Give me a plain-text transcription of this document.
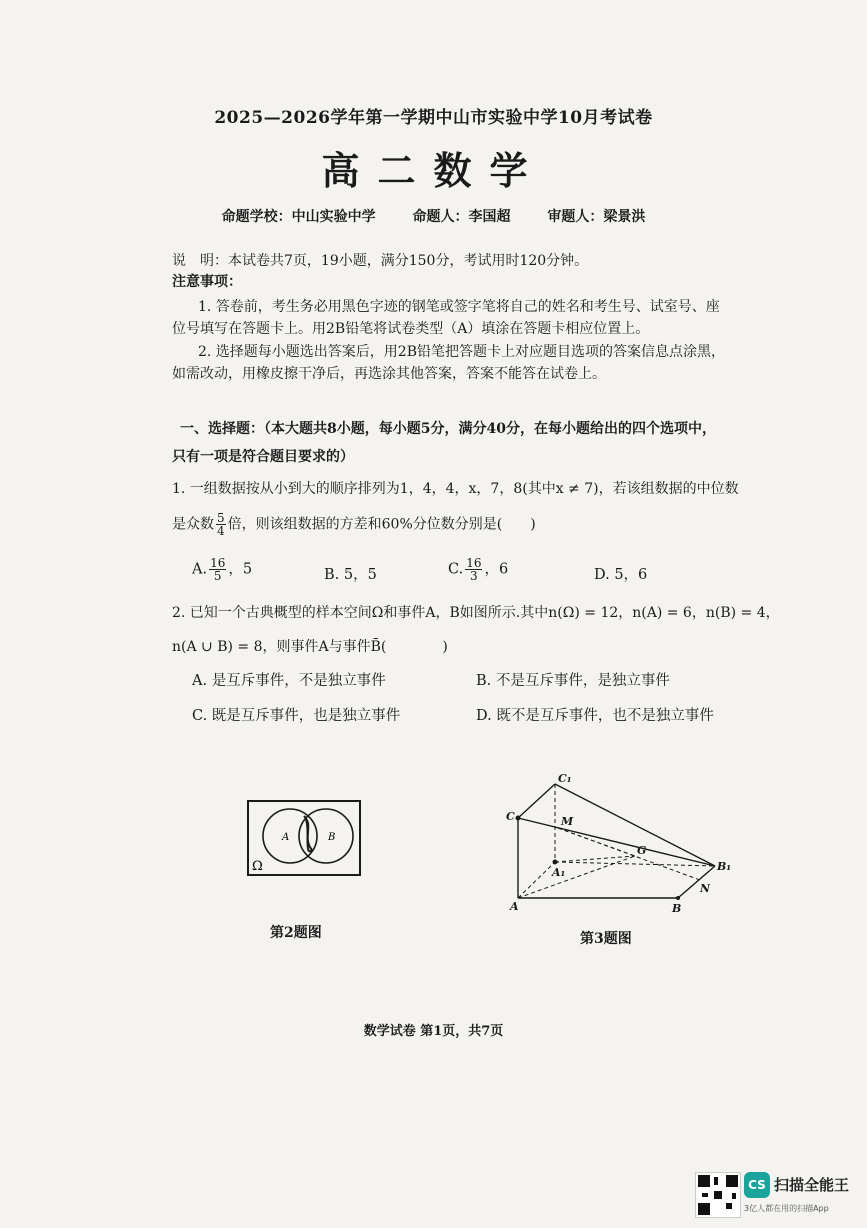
2025—2026学年第一学期中山市实验中学10月考试卷
高二数学
命题学校：中山实验中学	命题人：李国超	审题人：梁景洪
说　明：本试卷共7页，19小题，满分150分，考试用时120分钟。
注意事项：
1. 答卷前，考生务必用黑色字迹的钢笔或签字笔将自己的姓名和考生号、试室号、座
位号填写在答题卡上。用2B铅笔将试卷类型（A）填涂在答题卡相应位置上。
2. 选择题每小题选出答案后，用2B铅笔把答题卡上对应题目选项的答案信息点涂黑，
如需改动，用橡皮擦干净后，再选涂其他答案，答案不能答在试卷上。
一、选择题：（本大题共8小题，每小题5分，满分40分，在每小题给出的四个选项中，
只有一项是符合题目要求的）
1. 一组数据按从小到大的顺序排列为1，4，4，x，7，8(其中x ≠ 7)，若该组数据的中位数
是众数 $\frac{5}{4}$ 倍，则该组数据的方差和60%分位数分别是(　　)
A. $\frac{16}{5}$ ，5	B. 5，5	C. $\frac{16}{3}$ ，6	D. 5，6
2. 已知一个古典概型的样本空间Ω和事件A，B如图所示.其中n(Ω) = 12，n(A) = 6，n(B) = 4，
n(A ∪ B) = 8，则事件A与事件B̄(　　　　)
A. 是互斥事件，不是独立事件	B. 不是互斥事件，是独立事件
C. 既是互斥事件，也是独立事件	D. 既不是互斥事件，也不是独立事件
A	B
Ω
第2题图
C₁
C	M
G
B₁
A₁
N
A	B
第3题图
数学试卷 第1页，共7页
CS 扫描全能王
3亿人都在用的扫描App
